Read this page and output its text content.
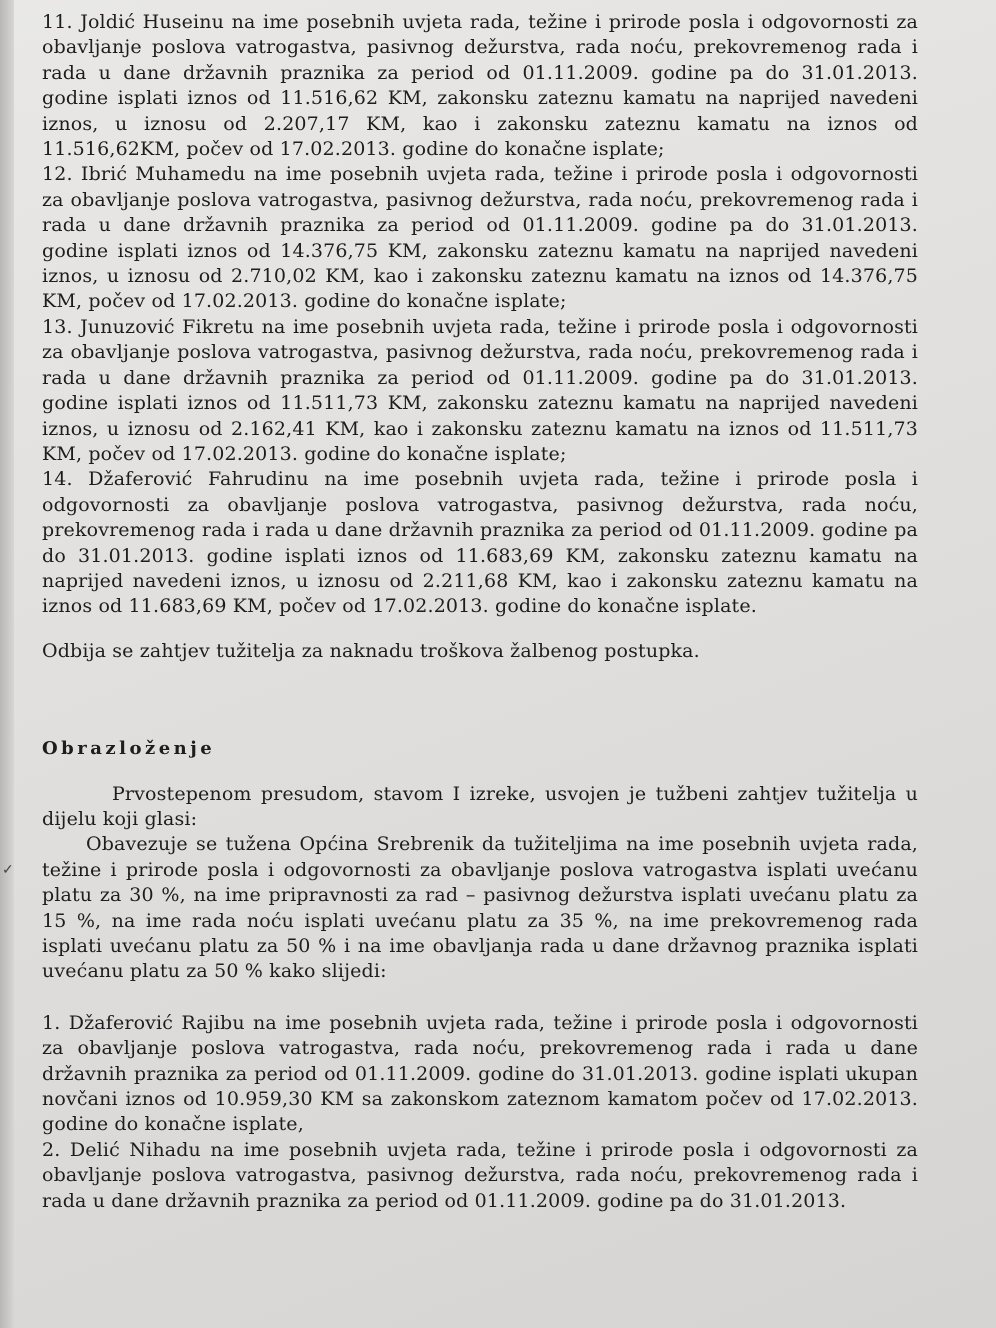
✓

11. Joldić Huseinu na ime posebnih uvjeta rada, težine i prirode posla i odgovornosti za obavljanje poslova vatrogastva, pasivnog dežurstva, rada noću, prekovremenog rada i rada u dane državnih praznika za period od 01.11.2009. godine pa do 31.01.2013. godine isplati iznos od 11.516,62 KM, zakonsku zateznu kamatu na naprijed navedeni iznos, u iznosu od 2.207,17 KM, kao i zakonsku zateznu kamatu na iznos od 11.516,62KM, počev od 17.02.2013. godine do konačne isplate;

12. Ibrić Muhamedu na ime posebnih uvjeta rada, težine i prirode posla i odgovornosti za obavljanje poslova vatrogastva, pasivnog dežurstva, rada noću, prekovremenog rada i rada u dane državnih praznika za period od 01.11.2009. godine pa do 31.01.2013. godine isplati iznos od 14.376,75 KM, zakonsku zateznu kamatu na naprijed navedeni iznos, u iznosu od 2.710,02 KM, kao i zakonsku zateznu kamatu na iznos od 14.376,75 KM, počev od 17.02.2013. godine do konačne isplate;

13. Junuzović Fikretu na ime posebnih uvjeta rada, težine i prirode posla i odgovornosti za obavljanje poslova vatrogastva, pasivnog dežurstva, rada noću, prekovremenog rada i rada u dane državnih praznika za period od 01.11.2009. godine pa do 31.01.2013. godine isplati iznos od 11.511,73 KM, zakonsku zateznu kamatu na naprijed navedeni iznos, u iznosu od 2.162,41 KM, kao i zakonsku zateznu kamatu na iznos od 11.511,73 KM, počev od 17.02.2013. godine do konačne isplate;

14. Džaferović Fahrudinu na ime posebnih uvjeta rada, težine i prirode posla i odgovornosti za obavljanje poslova vatrogastva, pasivnog dežurstva, rada noću, prekovremenog rada i rada u dane državnih praznika za period od 01.11.2009. godine pa do 31.01.2013. godine isplati iznos od 11.683,69 KM, zakonsku zateznu kamatu na naprijed navedeni iznos, u iznosu od 2.211,68 KM, kao i zakonsku zateznu kamatu na iznos od 11.683,69 KM, počev od 17.02.2013. godine do konačne isplate.

Odbija se zahtjev tužitelja za naknadu troškova žalbenog postupka.

Obrazloženje

Prvostepenom presudom, stavom I izreke, usvojen je tužbeni zahtjev tužitelja u dijelu koji glasi:

Obavezuje se tužena Općina Srebrenik da tužiteljima na ime posebnih uvjeta rada, težine i prirode posla i odgovornosti za obavljanje poslova vatrogastva isplati uvećanu platu za 30 %, na ime pripravnosti za rad – pasivnog dežurstva isplati uvećanu platu za 15 %, na ime rada noću isplati uvećanu platu za 35 %, na ime prekovremenog rada isplati uvećanu platu za 50 % i na ime obavljanja rada u dane državnog praznika isplati uvećanu platu za 50 % kako slijedi:

1. Džaferović Rajibu na ime posebnih uvjeta rada, težine i prirode posla i odgovornosti za obavljanje poslova vatrogastva, rada noću, prekovremenog rada i rada u dane državnih praznika za period od 01.11.2009. godine do 31.01.2013. godine isplati ukupan novčani iznos od 10.959,30 KM sa zakonskom zateznom kamatom počev od 17.02.2013. godine do konačne isplate,

2. Delić Nihadu na ime posebnih uvjeta rada, težine i prirode posla i odgovornosti za obavljanje poslova vatrogastva, pasivnog dežurstva, rada noću, prekovremenog rada i rada u dane državnih praznika za period od 01.11.2009. godine pa do 31.01.2013.
